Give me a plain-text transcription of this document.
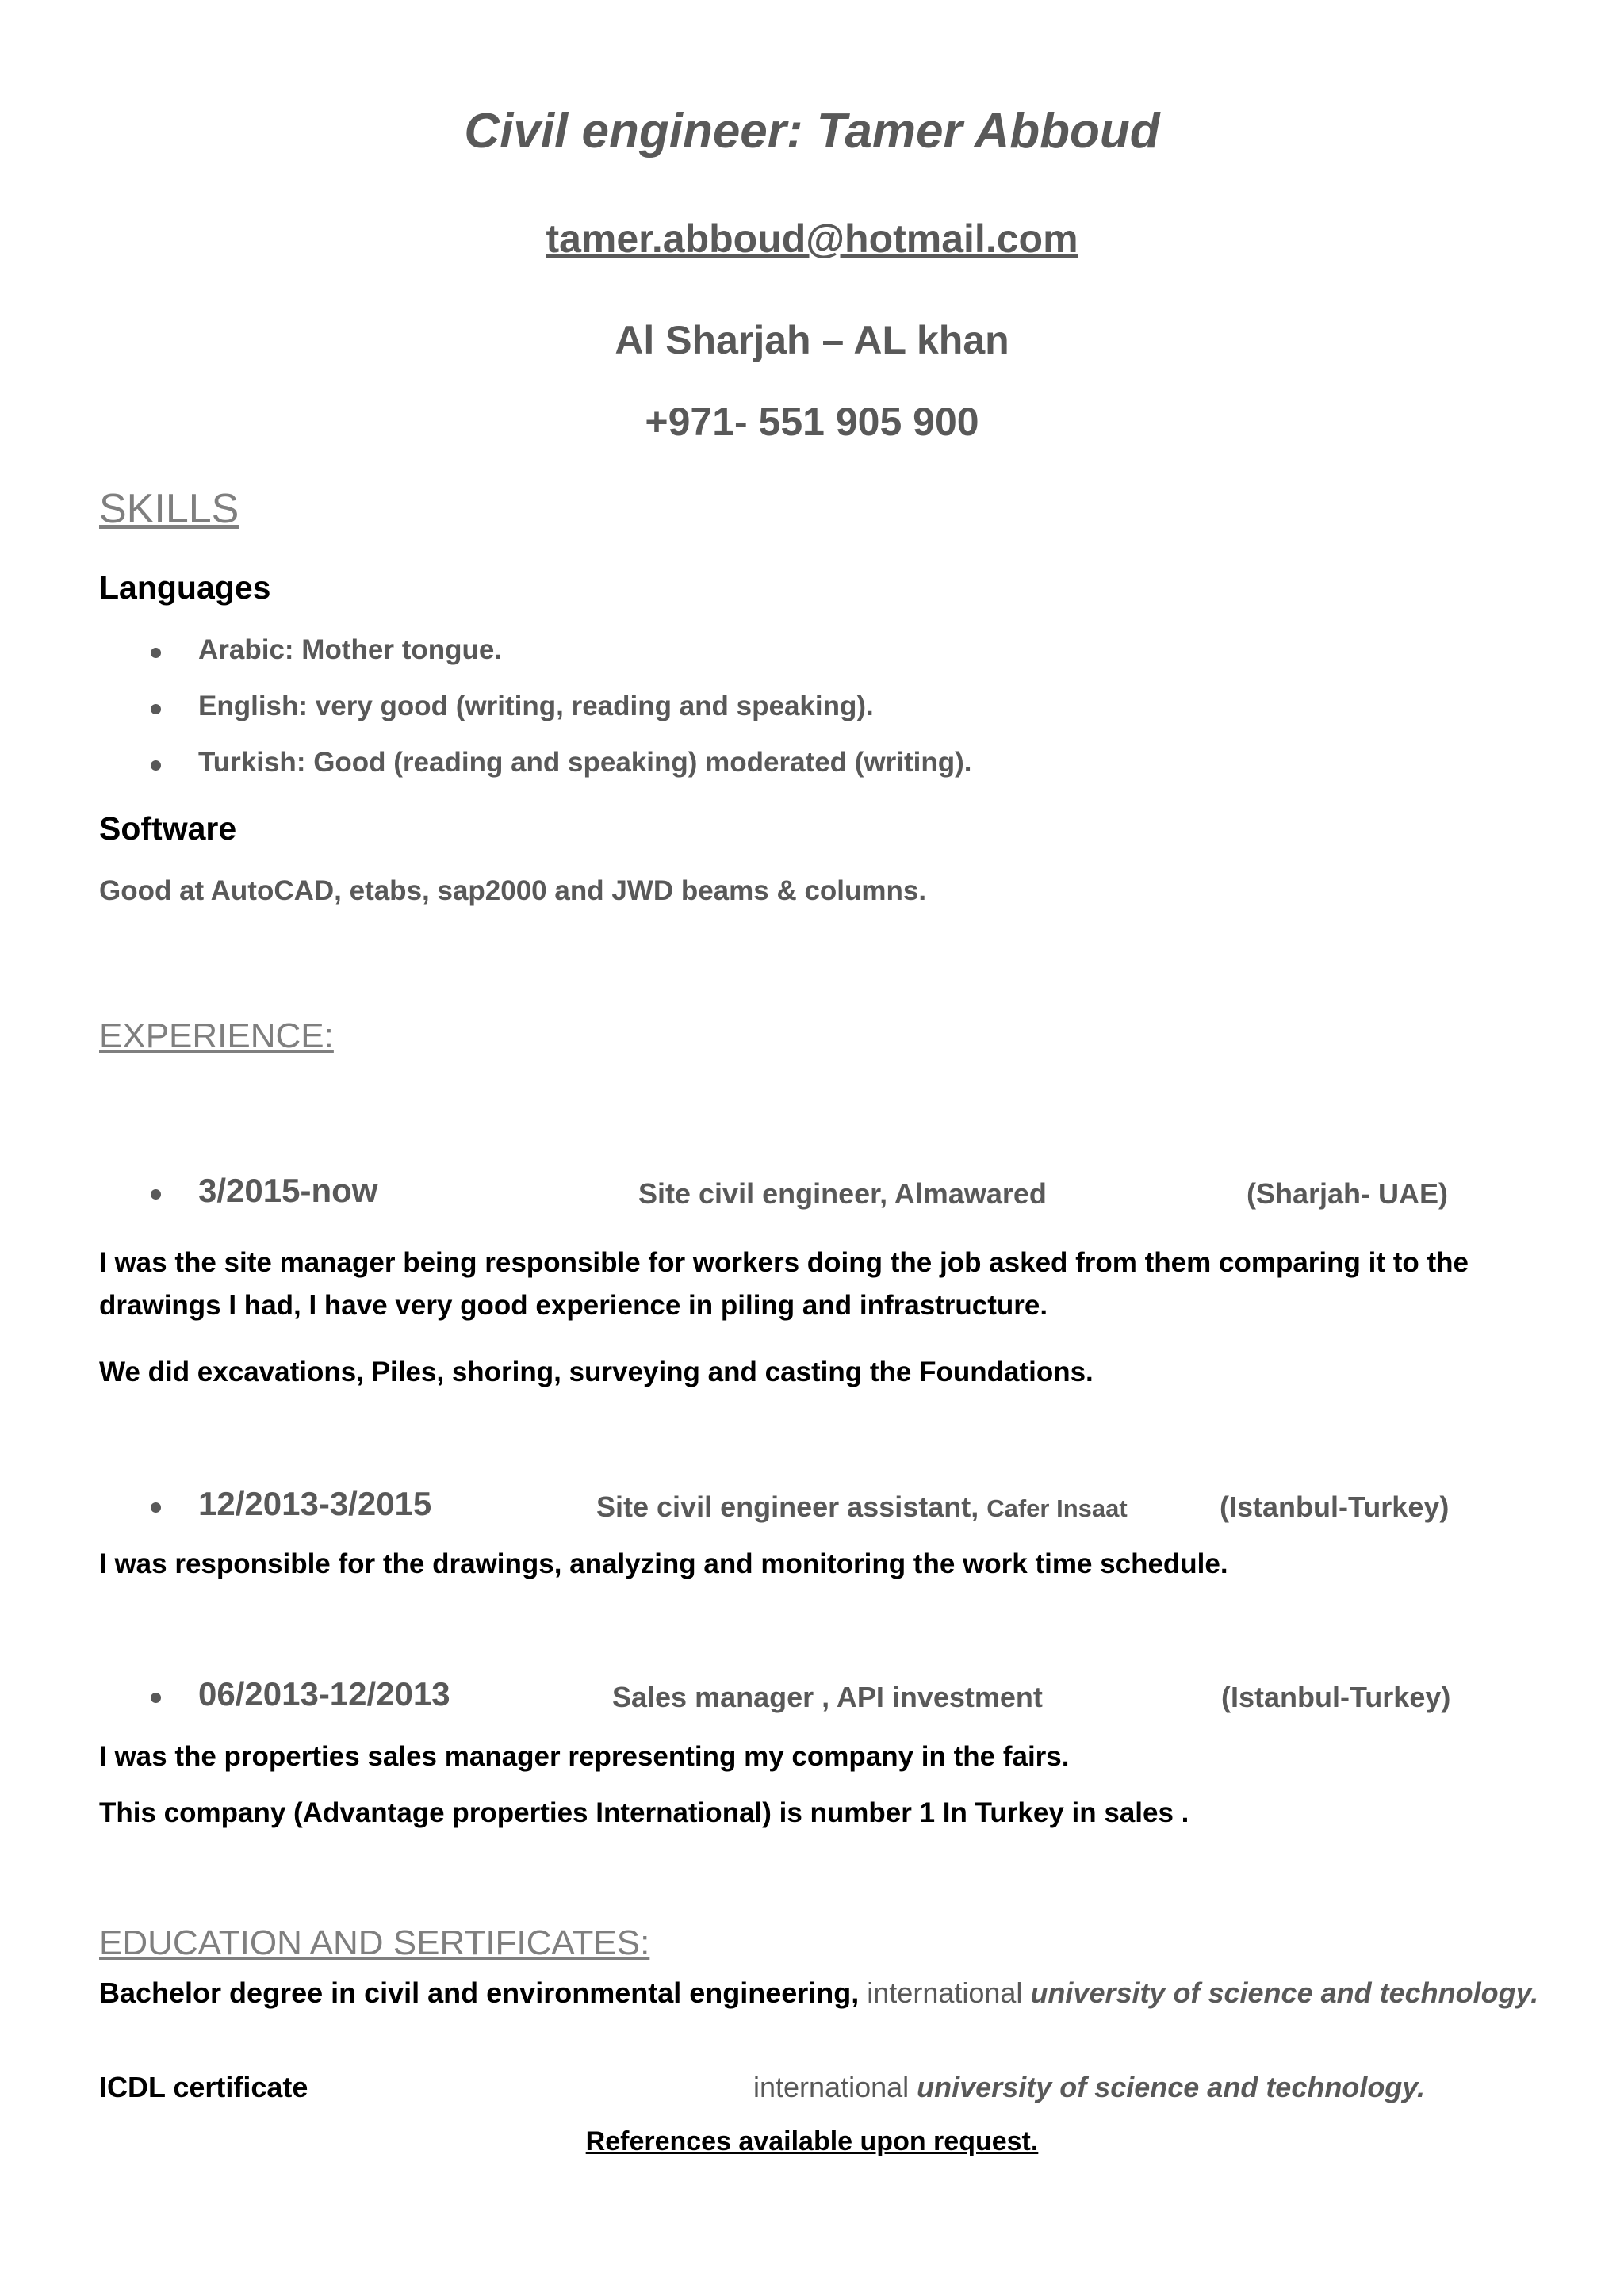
Civil engineer: Tamer Abboud
tamer.abboud@hotmail.com
Al Sharjah – AL khan
+971- 551 905 900
SKILLS
Languages
Arabic: Mother tongue.
English: very good (writing, reading and speaking).
Turkish: Good (reading and speaking) moderated (writing).
Software
Good at AutoCAD, etabs, sap2000 and JWD beams & columns.
EXPERIENCE:
3/2015-now	Site civil engineer, Almawared	(Sharjah- UAE)
I was the site manager being responsible for workers doing the job asked from them comparing it to the drawings I had, I have very good experience in piling and infrastructure.
We did excavations, Piles, shoring, surveying and casting the Foundations.
12/2013-3/2015	Site civil engineer assistant, Cafer Insaat	(Istanbul-Turkey)
I was responsible for the drawings, analyzing and monitoring the work time schedule.
06/2013-12/2013	Sales manager , API investment	(Istanbul-Turkey)
I was the properties sales manager representing my company in the fairs.
This company (Advantage properties International) is number 1 In Turkey in sales .
EDUCATION AND SERTIFICATES:
Bachelor degree in civil and environmental engineering, international university of science and technology.
ICDL certificate	international university of science and technology.
References available upon request.
